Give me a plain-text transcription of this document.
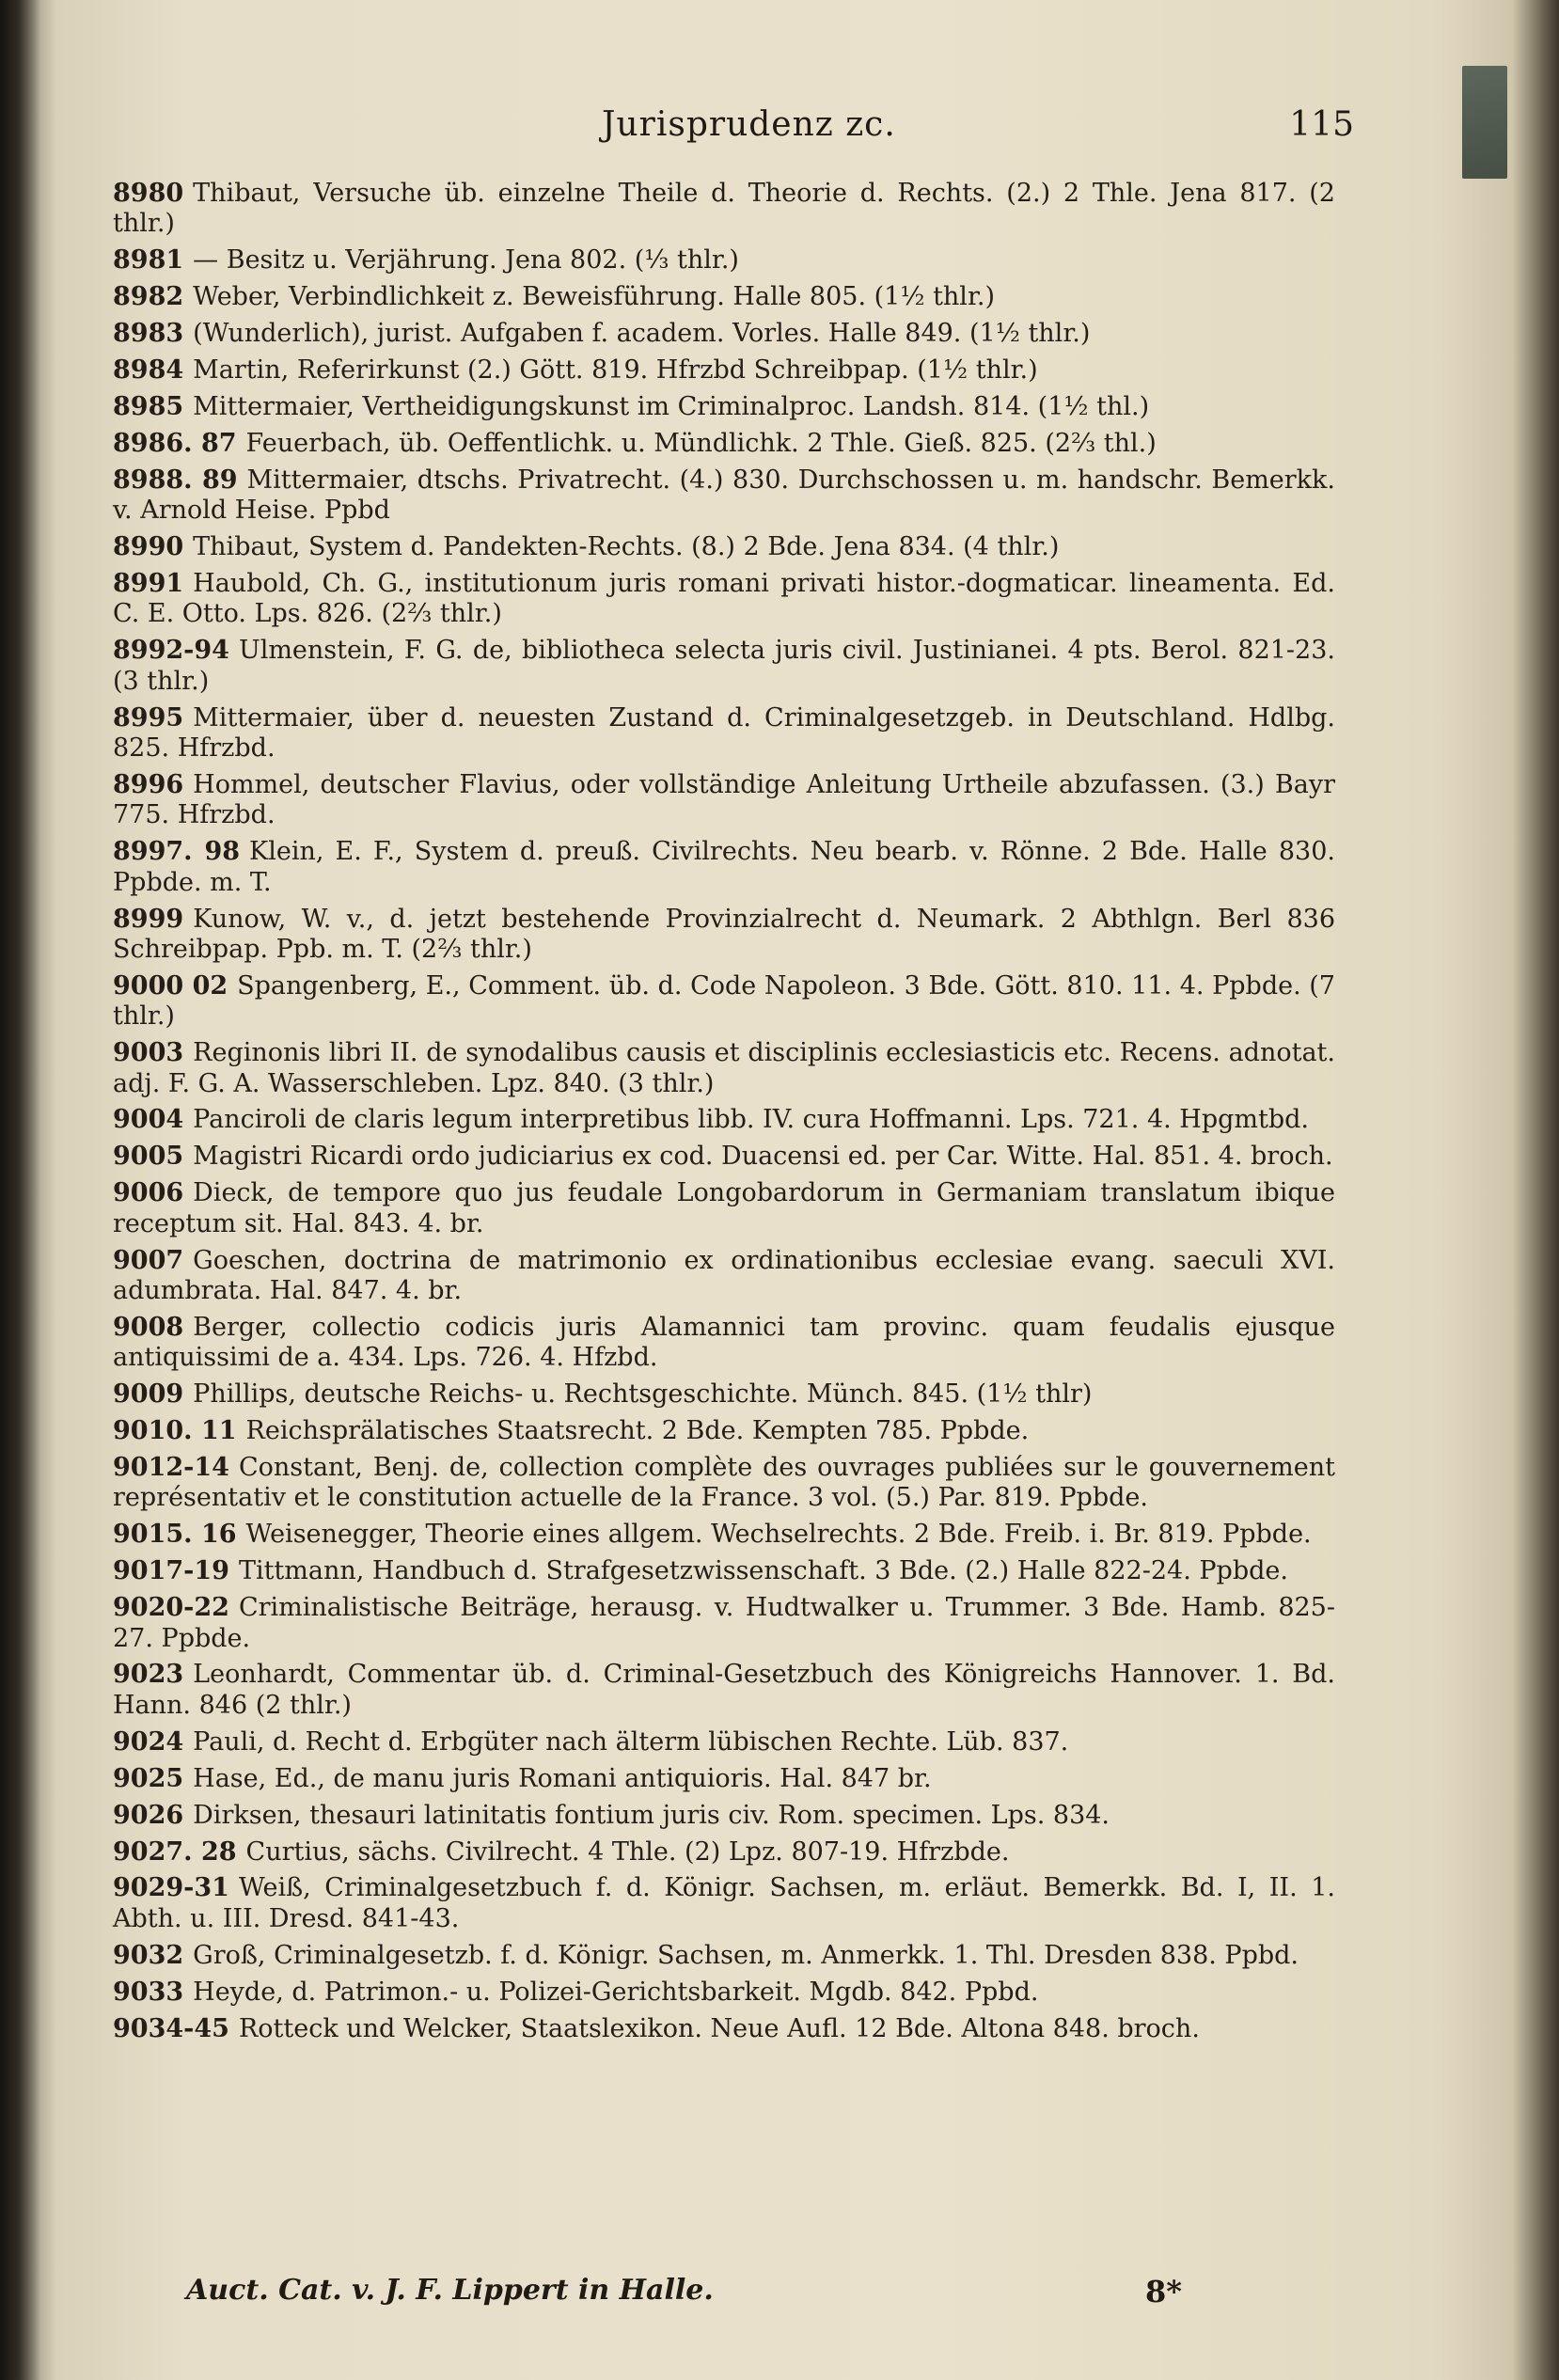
Jurisprudenz zc.	115

8980 Thibaut, Versuche üb. einzelne Theile d. Theorie d. Rechts. (2.) 2 Thle. Jena 817. (2 thlr.)

8981 — Besitz u. Verjährung. Jena 802. (⅓ thlr.)

8982 Weber, Verbindlichkeit z. Beweisführung. Halle 805. (1½ thlr.)

8983 (Wunderlich), jurist. Aufgaben f. academ. Vorles. Halle 849. (1½ thlr.)

8984 Martin, Referirkunst (2.) Gött. 819. Hfrzbd Schreibpap. (1½ thlr.)

8985 Mittermaier, Vertheidigungskunst im Criminalproc. Landsh. 814. (1½ thl.)

8986. 87 Feuerbach, üb. Oeffentlichk. u. Mündlichk. 2 Thle. Gieß. 825. (2⅔ thl.)

8988. 89 Mittermaier, dtschs. Privatrecht. (4.) 830. Durchschossen u. m. handschr. Bemerkk. v. Arnold Heise. Ppbd

8990 Thibaut, System d. Pandekten-Rechts. (8.) 2 Bde. Jena 834. (4 thlr.)

8991 Haubold, Ch. G., institutionum juris romani privati histor.-dogmaticar. lineamenta. Ed. C. E. Otto. Lps. 826. (2⅔ thlr.)

8992-94 Ulmenstein, F. G. de, bibliotheca selecta juris civil. Justinianei. 4 pts. Berol. 821-23. (3 thlr.)

8995 Mittermaier, über d. neuesten Zustand d. Criminalgesetzgeb. in Deutschland. Hdlbg. 825. Hfrzbd.

8996 Hommel, deutscher Flavius, oder vollständige Anleitung Urtheile abzufassen. (3.) Bayr 775. Hfrzbd.

8997. 98 Klein, E. F., System d. preuß. Civilrechts. Neu bearb. v. Rönne. 2 Bde. Halle 830. Ppbde. m. T.

8999 Kunow, W. v., d. jetzt bestehende Provinzialrecht d. Neumark. 2 Abthlgn. Berl 836 Schreibpap. Ppb. m. T. (2⅔ thlr.)

9000 02 Spangenberg, E., Comment. üb. d. Code Napoleon. 3 Bde. Gött. 810. 11. 4. Ppbde. (7 thlr.)

9003 Reginonis libri II. de synodalibus causis et disciplinis ecclesiasticis etc. Recens. adnotat. adj. F. G. A. Wasserschleben. Lpz. 840. (3 thlr.)

9004 Panciroli de claris legum interpretibus libb. IV. cura Hoffmanni. Lps. 721. 4. Hpgmtbd.

9005 Magistri Ricardi ordo judiciarius ex cod. Duacensi ed. per Car. Witte. Hal. 851. 4. broch.

9006 Dieck, de tempore quo jus feudale Longobardorum in Germaniam translatum ibique receptum sit. Hal. 843. 4. br.

9007 Goeschen, doctrina de matrimonio ex ordinationibus ecclesiae evang. saeculi XVI. adumbrata. Hal. 847. 4. br.

9008 Berger, collectio codicis juris Alamannici tam provinc. quam feudalis ejusque antiquissimi de a. 434. Lps. 726. 4. Hfzbd.

9009 Phillips, deutsche Reichs- u. Rechtsgeschichte. Münch. 845. (1½ thlr)

9010. 11 Reichsprälatisches Staatsrecht. 2 Bde. Kempten 785. Ppbde.

9012-14 Constant, Benj. de, collection complète des ouvrages publiées sur le gouvernement représentativ et le constitution actuelle de la France. 3 vol. (5.) Par. 819. Ppbde.

9015. 16 Weisenegger, Theorie eines allgem. Wechselrechts. 2 Bde. Freib. i. Br. 819. Ppbde.

9017-19 Tittmann, Handbuch d. Strafgesetzwissenschaft. 3 Bde. (2.) Halle 822-24. Ppbde.

9020-22 Criminalistische Beiträge, herausg. v. Hudtwalker u. Trummer. 3 Bde. Hamb. 825-27. Ppbde.

9023 Leonhardt, Commentar üb. d. Criminal-Gesetzbuch des Königreichs Hannover. 1. Bd. Hann. 846 (2 thlr.)

9024 Pauli, d. Recht d. Erbgüter nach älterm lübischen Rechte. Lüb. 837.

9025 Hase, Ed., de manu juris Romani antiquioris. Hal. 847 br.

9026 Dirksen, thesauri latinitatis fontium juris civ. Rom. specimen. Lps. 834.

9027. 28 Curtius, sächs. Civilrecht. 4 Thle. (2) Lpz. 807-19. Hfrzbde.

9029-31 Weiß, Criminalgesetzbuch f. d. Königr. Sachsen, m. erläut. Bemerkk. Bd. I, II. 1. Abth. u. III. Dresd. 841-43.

9032 Groß, Criminalgesetzb. f. d. Königr. Sachsen, m. Anmerkk. 1. Thl. Dresden 838. Ppbd.

9033 Heyde, d. Patrimon.- u. Polizei-Gerichtsbarkeit. Mgdb. 842. Ppbd.

9034-45 Rotteck und Welcker, Staatslexikon. Neue Aufl. 12 Bde. Altona 848. broch.

Auct. Cat. v. J. F. Lippert in Halle.	8*
